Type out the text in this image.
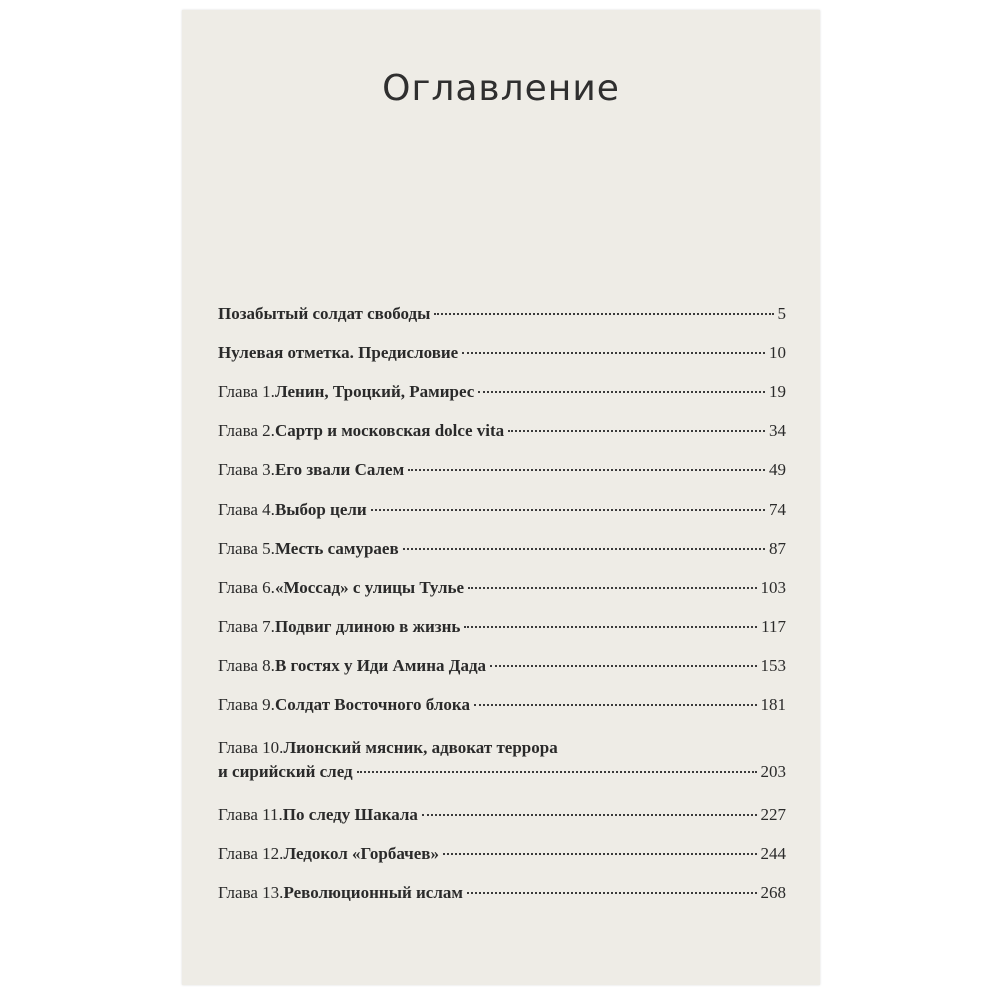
Оглавление
Позабытый солдат свободы	5
Нулевая отметка. Предисловие	10
Глава 1. Ленин, Троцкий, Рамирес	19
Глава 2. Сартр и московская dolce vita	34
Глава 3. Его звали Салем	49
Глава 4. Выбор цели	74
Глава 5. Месть самураев	87
Глава 6. «Моссад» с улицы Тулье	103
Глава 7. Подвиг длиною в жизнь	117
Глава 8. В гостях у Иди Амина Дада	153
Глава 9. Солдат Восточного блока	181
Глава 10. Лионский мясник, адвокат террора
и сирийский след	203
Глава 11. По следу Шакала	227
Глава 12. Ледокол «Горбачев»	244
Глава 13. Революционный ислам	268
